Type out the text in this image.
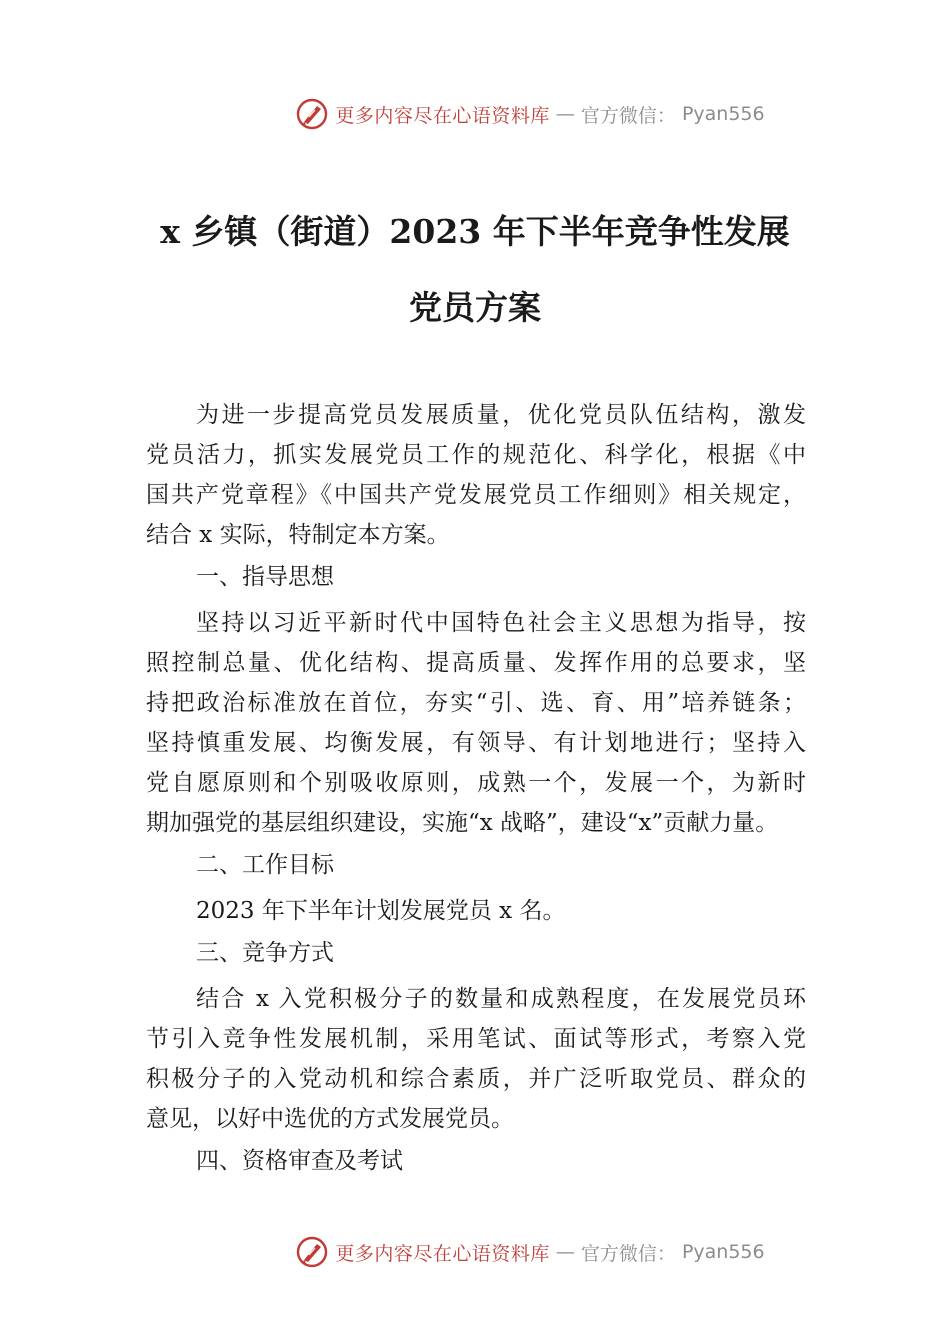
更多内容尽在心语资料库 — 官方微信： Pyan556
x 乡镇（街道）2023 年下半年竞争性发展
党员方案
为进一步提高党员发展质量，优化党员队伍结构，激发
党员活力，抓实发展党员工作的规范化、科学化，根据《中
国共产党章程》《中国共产党发展党员工作细则》相关规定，
结合 x 实际，特制定本方案。
一、指导思想
坚持以习近平新时代中国特色社会主义思想为指导，按
照控制总量、优化结构、提高质量、发挥作用的总要求，坚
持把政治标准放在首位，夯实“引、选、育、用”培养链条；
坚持慎重发展、均衡发展，有领导、有计划地进行；坚持入
党自愿原则和个别吸收原则，成熟一个，发展一个，为新时
期加强党的基层组织建设，实施“x 战略”，建设“x”贡献力量。
二、工作目标
2023 年下半年计划发展党员 x 名。
三、竞争方式
结合 x 入党积极分子的数量和成熟程度，在发展党员环
节引入竞争性发展机制，采用笔试、面试等形式，考察入党
积极分子的入党动机和综合素质，并广泛听取党员、群众的
意见，以好中选优的方式发展党员。
四、资格审查及考试
更多内容尽在心语资料库 — 官方微信： Pyan556
